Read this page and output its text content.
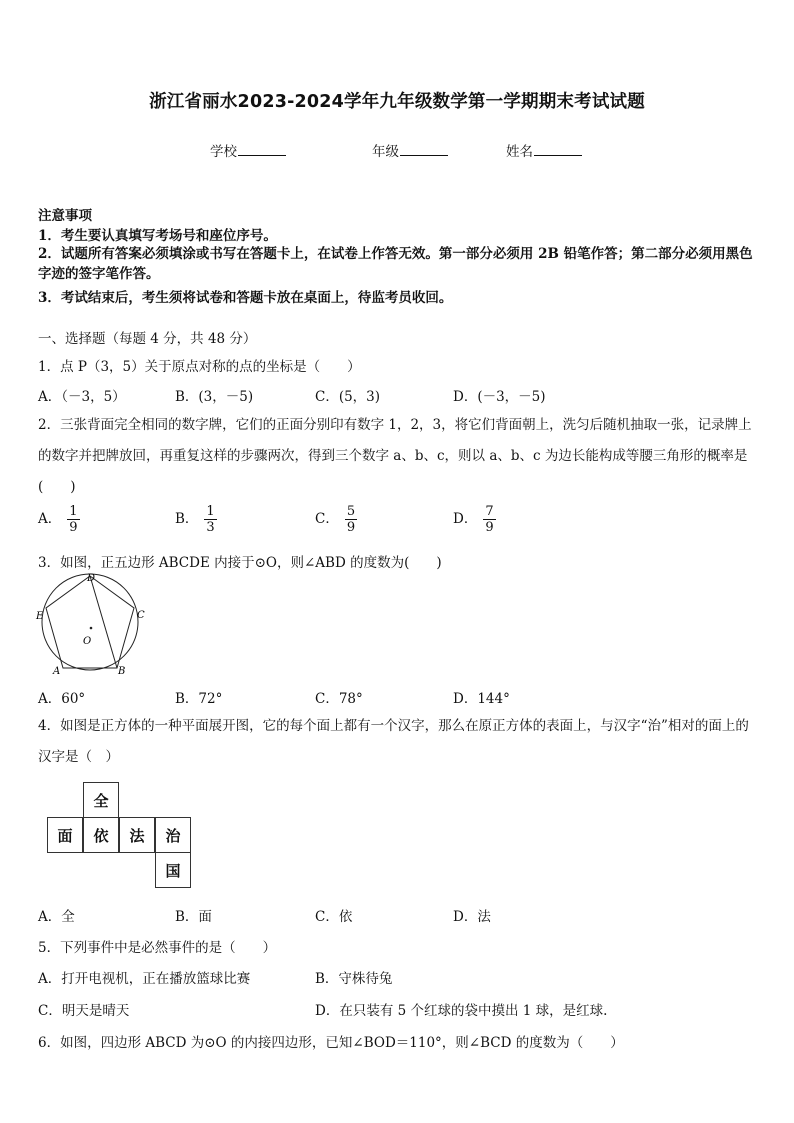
浙江省丽水2023-2024学年九年级数学第一学期期末考试试题
学校	年级	姓名
注意事项
1．考生要认真填写考场号和座位序号。
2．试题所有答案必须填涂或书写在答题卡上，在试卷上作答无效。第一部分必须用 2B 铅笔作答；第二部分必须用黑色字迹的签字笔作答。
3．考试结束后，考生须将试卷和答题卡放在桌面上，待监考员收回。
一、选择题（每题 4 分，共 48 分）
1．点 P（3，5）关于原点对称的点的坐标是（　　）
A．（－3，5）	B．(3，－5)	C．(5，3)	D．(－3，－5)
2．三张背面完全相同的数字牌，它们的正面分别印有数字 1，2，3，将它们背面朝上，洗匀后随机抽取一张，记录牌上的数字并把牌放回，再重复这样的步骤两次，得到三个数字 a、b、c，则以 a、b、c 为边长能构成等腰三角形的概率是(　　)
A． $\frac{1}{9}$	B． $\frac{1}{3}$	C． $\frac{5}{9}$	D． $\frac{7}{9}$
3．如图，正五边形 ABCDE 内接于⊙O，则∠ABD 的度数为(　　)
D
C
E
O
A	B
A．60°	B．72°	C．78°	D．144°
4．如图是正方体的一种平面展开图，它的每个面上都有一个汉字，那么在原正方体的表面上，与汉字“治”相对的面上的汉字是（　）
全
面	依	法	治
国
A．全	B．面	C．依	D．法
5．下列事件中是必然事件的是（　　）
A．打开电视机，正在播放篮球比赛	B．守株待兔
C．明天是晴天	D．在只装有 5 个红球的袋中摸出 1 球，是红球.
6．如图，四边形 ABCD 为⊙O 的内接四边形，已知∠BOD＝110°，则∠BCD 的度数为（　　）
